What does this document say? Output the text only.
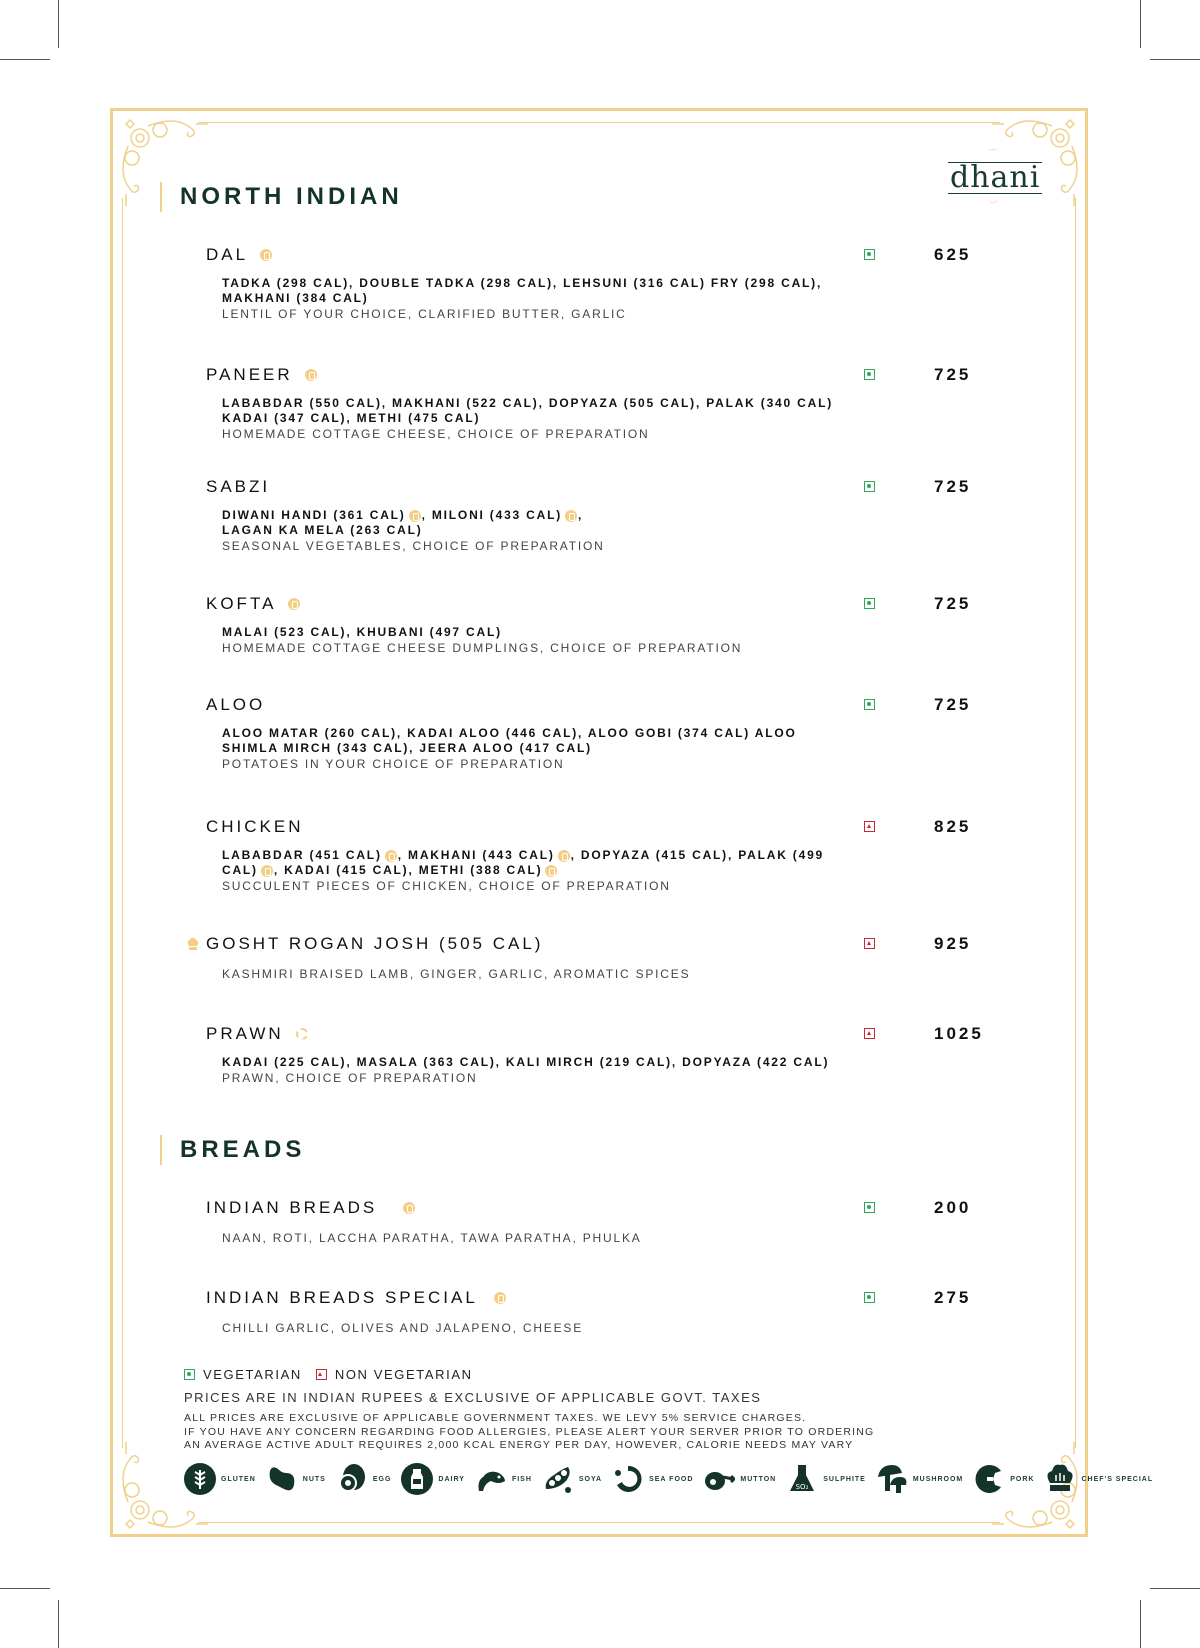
⌒
dhani
◡
NORTH INDIAN
DAL
TADKA (298 CAL), DOUBLE TADKA (298 CAL), LEHSUNI (316 CAL) FRY (298 CAL), MAKHANI (384 CAL)
LENTIL OF YOUR CHOICE, CLARIFIED BUTTER, GARLIC
625
PANEER
LABABDAR (550 CAL), MAKHANI (522 CAL), DOPYAZA (505 CAL), PALAK (340 CAL) KADAI (347 CAL), METHI (475 CAL)
HOMEMADE COTTAGE CHEESE, CHOICE OF PREPARATION
725
SABZI
DIWANI HANDI (361 CAL) , MILONI (433 CAL) ,
LAGAN KA MELA (263 CAL)
SEASONAL VEGETABLES, CHOICE OF PREPARATION
725
KOFTA
MALAI (523 CAL), KHUBANI (497 CAL)
HOMEMADE COTTAGE CHEESE DUMPLINGS, CHOICE OF PREPARATION
725
ALOO
ALOO MATAR (260 CAL), KADAI ALOO (446 CAL), ALOO GOBI (374 CAL) ALOO SHIMLA MIRCH (343 CAL), JEERA ALOO (417 CAL)
POTATOES IN YOUR CHOICE OF PREPARATION
725
CHICKEN
LABABDAR (451 CAL) , MAKHANI (443 CAL) , DOPYAZA (415 CAL), PALAK (499 CAL) , KADAI (415 CAL), METHI (388 CAL)
SUCCULENT PIECES OF CHICKEN, CHOICE OF PREPARATION
825
GOSHT ROGAN JOSH (505 CAL)
KASHMIRI BRAISED LAMB, GINGER, GARLIC, AROMATIC SPICES
925
PRAWN
KADAI (225 CAL), MASALA (363 CAL), KALI MIRCH (219 CAL), DOPYAZA (422 CAL)
PRAWN, CHOICE OF PREPARATION
1025
BREADS
INDIAN BREADS
NAAN, ROTI, LACCHA PARATHA, TAWA PARATHA, PHULKA
200
INDIAN BREADS SPECIAL
CHILLI GARLIC, OLIVES AND JALAPENO, CHEESE
275
VEGETARIAN	NON VEGETARIAN
PRICES ARE IN INDIAN RUPEES & EXCLUSIVE OF APPLICABLE GOVT. TAXES
ALL PRICES ARE EXCLUSIVE OF APPLICABLE GOVERNMENT TAXES. WE LEVY 5% SERVICE CHARGES.
IF YOU HAVE ANY CONCERN REGARDING FOOD ALLERGIES, PLEASE ALERT YOUR SERVER PRIOR TO ORDERING
AN AVERAGE ACTIVE ADULT REQUIRES 2,000 KCAL ENERGY PER DAY, HOWEVER, CALORIE NEEDS MAY VARY
GLUTEN	NUTS	EGG	DAIRY	FISH	SOYA	SEA FOOD	MUTTON
SO₂
SULPHITE	MUSHROOM	PORK	CHEF'S SPECIAL
